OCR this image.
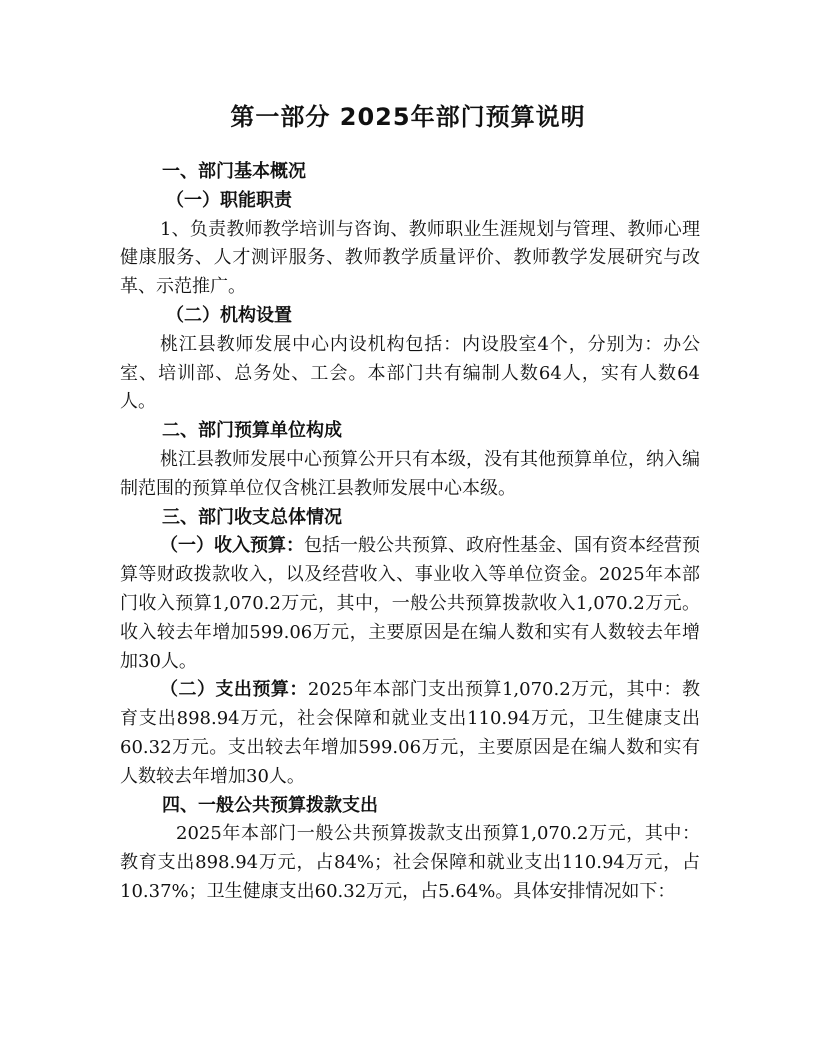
第一部分 2025年部门预算说明

一、部门基本概况

（一）职能职责

1、负责教师教学培训与咨询、教师职业生涯规划与管理、教师心理健康服务、人才测评服务、教师教学质量评价、教师教学发展研究与改革、示范推广。

（二）机构设置

桃江县教师发展中心内设机构包括：内设股室4个，分别为：办公室、培训部、总务处、工会。本部门共有编制人数64人，实有人数64人。

二、部门预算单位构成

桃江县教师发展中心预算公开只有本级，没有其他预算单位，纳入编制范围的预算单位仅含桃江县教师发展中心本级。

三、部门收支总体情况

（一）收入预算：包括一般公共预算、政府性基金、国有资本经营预算等财政拨款收入，以及经营收入、事业收入等单位资金。2025年本部门收入预算1,070.2万元，其中，一般公共预算拨款收入1,070.2万元。收入较去年增加599.06万元，主要原因是在编人数和实有人数较去年增加30人。

（二）支出预算：2025年本部门支出预算1,070.2万元，其中：教育支出898.94万元，社会保障和就业支出110.94万元，卫生健康支出60.32万元。支出较去年增加599.06万元，主要原因是在编人数和实有人数较去年增加30人。

四、一般公共预算拨款支出

2025年本部门一般公共预算拨款支出预算1,070.2万元，其中：教育支出898.94万元，占84%；社会保障和就业支出110.94万元，占10.37%；卫生健康支出60.32万元，占5.64%。具体安排情况如下：
